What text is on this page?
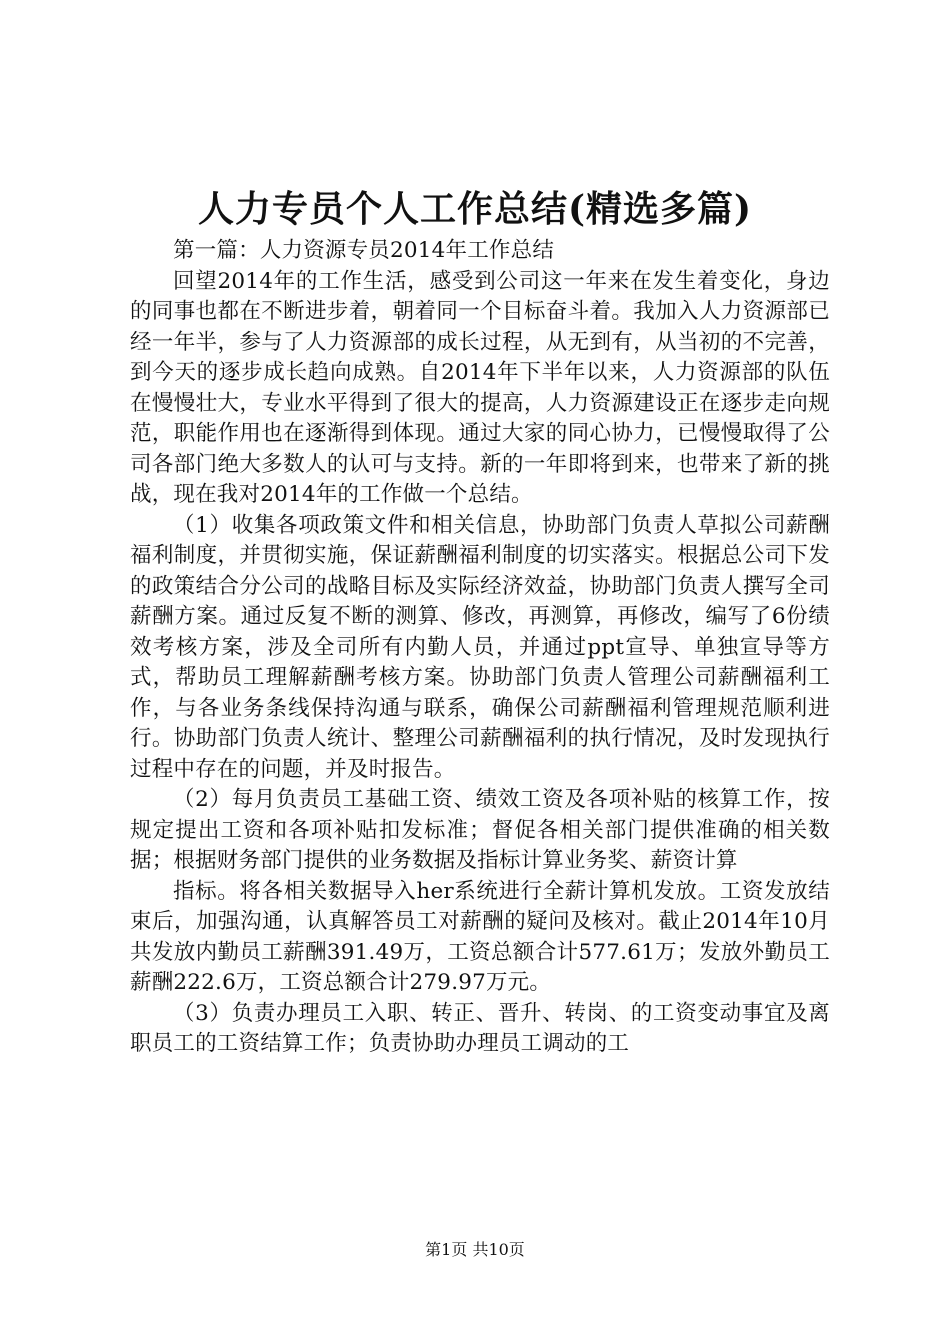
人力专员个人工作总结(精选多篇)

第一篇：人力资源专员2014年工作总结

回望2014年的工作生活，感受到公司这一年来在发生着变化，身边的同事也都在不断进步着，朝着同一个目标奋斗着。我加入人力资源部已经一年半，参与了人力资源部的成长过程，从无到有，从当初的不完善，到今天的逐步成长趋向成熟。自2014年下半年以来，人力资源部的队伍在慢慢壮大，专业水平得到了很大的提高，人力资源建设正在逐步走向规范，职能作用也在逐渐得到体现。通过大家的同心协力，已慢慢取得了公司各部门绝大多数人的认可与支持。新的一年即将到来，也带来了新的挑战，现在我对2014年的工作做一个总结。

（1）收集各项政策文件和相关信息，协助部门负责人草拟公司薪酬福利制度，并贯彻实施，保证薪酬福利制度的切实落实。根据总公司下发的政策结合分公司的战略目标及实际经济效益，协助部门负责人撰写全司薪酬方案。通过反复不断的测算、修改，再测算，再修改，编写了6份绩效考核方案，涉及全司所有内勤人员，并通过ppt宣导、单独宣导等方式，帮助员工理解薪酬考核方案。协助部门负责人管理公司薪酬福利工作，与各业务条线保持沟通与联系，确保公司薪酬福利管理规范顺利进行。协助部门负责人统计、整理公司薪酬福利的执行情况，及时发现执行过程中存在的问题，并及时报告。

（2）每月负责员工基础工资、绩效工资及各项补贴的核算工作，按规定提出工资和各项补贴扣发标准；督促各相关部门提供准确的相关数据；根据财务部门提供的业务数据及指标计算业务奖、薪资计算

指标。将各相关数据导入her系统进行全薪计算机发放。工资发放结束后，加强沟通，认真解答员工对薪酬的疑问及核对。截止2014年10月共发放内勤员工薪酬391.49万，工资总额合计577.61万；发放外勤员工薪酬222.6万，工资总额合计279.97万元。

（3）负责办理员工入职、转正、晋升、转岗、的工资变动事宜及离职员工的工资结算工作；负责协助办理员工调动的工

第1页 共10页
